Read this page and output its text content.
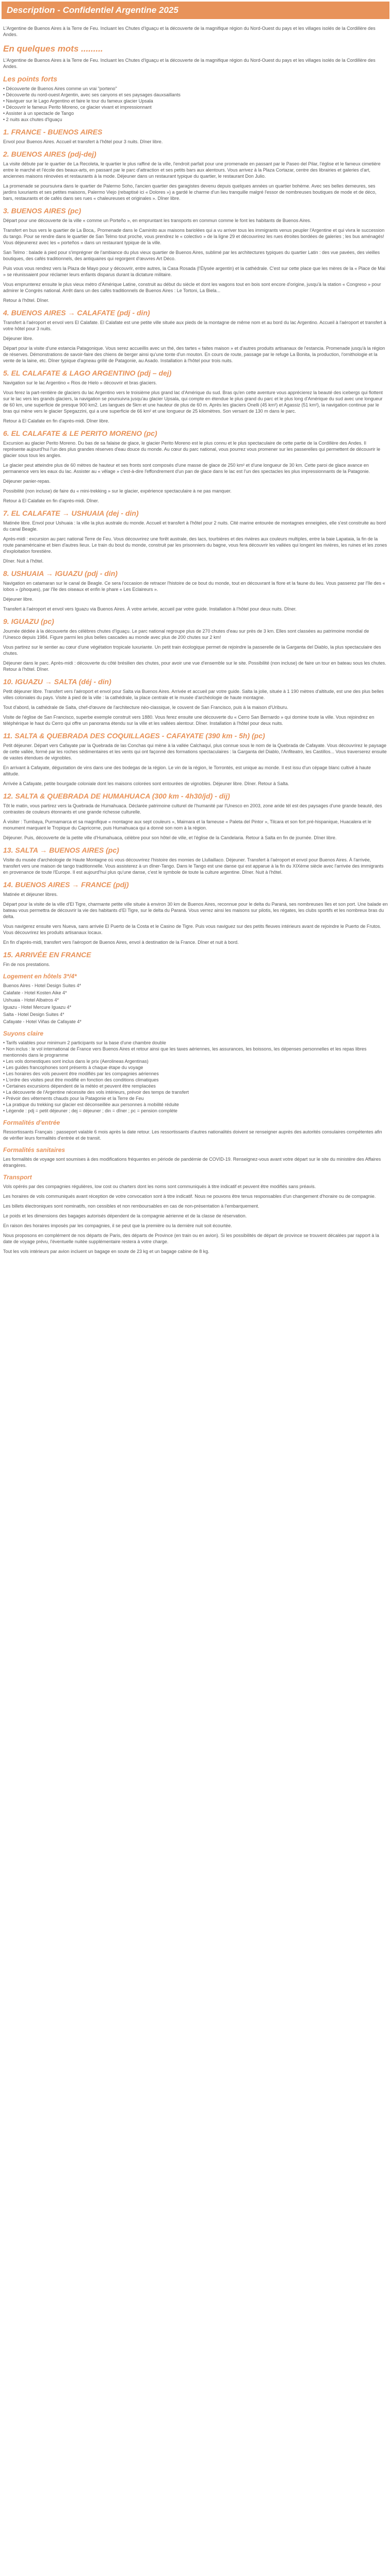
Description - Confidentiel Argentine 2025
L'Argentine de Buenos Aires à la Terre de Feu. Incluant les Chutes d'Iguaçu et la découverte de la magnifique région du Nord-Ouest du pays et les villages isolés de la Cordillère des Andes.
En quelques mots .........
L'Argentine de Buenos Aires à la Terre de Feu. Incluant les Chutes d'Iguaçu et la découverte de la magnifique région du Nord-Ouest du pays et les villages isolés de la Cordillère des Andes.
Les points forts
• Découverte de Buenos Aires comme un vrai "porteno"
• Découverte du nord-ouest Argentin, avec ses canyons et ses paysages dauxsaillants
• Naviguer sur le Lago Argentino et faire le tour du fameux glacier Upsala
• Découvrir le fameux Perito Moreno, ce glacier vivant et impressionnant
• Assister à un spectacle de Tango
• 2 nuits aux chutes d'Iguaçu
1. FRANCE - BUENOS AIRES
Envol pour Buenos Aires. Accueil et transfert à l'hôtel pour 3 nuits. Dîner libre.
2. BUENOS AIRES (pdj-dej)
La visite débute par le quartier de La Recoleta, le quartier le plus raffiné de la ville, l'endroit parfait pour une promenade en passant par le Paseo del Pilar, l'église et le fameux cimetière entre le marché et l'école des beaux-arts, en passant par le parc d'attraction et ses petits bars aux alentours. Vous arrivez à la Plaza Cortazar, centre des librairies et galeries d'art, anciennes maisons rénovées et restaurants à la mode. Déjeuner dans un restaurant typique du quartier, le restaurant Don Julio.
La promenade se poursuivra dans le quartier de Palermo Soho, l'ancien quartier des garagistes devenu depuis quelques années un quartier bohème. Avec ses belles demeures, ses jardins luxuriants et ses petites maisons, Palermo Viejo (rebaptisé ici « Dolores ») a gardé le charme d'un lieu tranquille malgré l'essor de nombreuses boutiques de mode et de déco, bars, restaurants et de cafés dans ses rues « chaleureuses et originales ». Dîner libre.
3. BUENOS AIRES (pc)
Départ pour une découverte de la ville « comme un Porteño », en empruntant les transports en commun comme le font les habitants de Buenos Aires.
Transfert en bus vers le quartier de La Boca,. Promenade dans le Caminito aux maisons bariolées qui a vu arriver tous les immigrants venus peupler l'Argentine et qui vivra le succession du tango. Pour se rendre dans le quartier de San Telmo tout proche, vous prendrez le « colectivo » de la ligne 29 et découvrirez les rues étroites bordées de galeries ; les bus aménagés! Vous déjeunerez avec les « porteños » dans un restaurant typique de la ville.
San Telmo : balade à pied pour s'imprégner de l'ambiance du plus vieux quartier de Buenos Aires, sublimé par les architectures typiques du quartier Latin : des vue pavées, des vieilles boutiques, des cafés traditionnels, des antiquaires qui regorgent d'œuvres Art Déco.
Puis vous vous rendrez vers la Plaza de Mayo pour y découvrir, entre autres, la Casa Rosada (l'Élysée argentin) et la cathédrale. C'est sur cette place que les mères de la « Place de Mai » se réunissaient pour réclamer leurs enfants disparus durant la dictature militaire.
Vous emprunterez ensuite le plus vieux métro d'Amérique Latine, construit au début du siècle et dont les wagons tout en bois sont encore d'origine, jusqu'à la station « Congreso » pour admirer le Congrès national. Arrêt dans un des cafés traditionnels de Buenos Aires : Le Tortoni, La Biela...
Retour à l'hôtel. Dîner.
4. BUENOS AIRES → CALAFATE (pdj - din)
Transfert à l'aéroport et envol vers El Calafate. El Calafate est une petite ville située aux pieds de la montagne de même nom et au bord du lac Argentino. Accueil à l'aéroport et transfert à votre hôtel pour 3 nuits.
Déjeuner libre.
Départ pour la visite d'une estancia Patagonique. Vous serez accueillis avec un thé, des tartes « faites maison » et d'autres produits artisanaux de l'estancia. Promenade jusqu'à la région de réserves. Démonstrations de savoir-faire des chiens de berger ainsi qu'une tonte d'un mouton. En cours de route, passage par le refuge La Bonita, la production, l'ornithologie et la vente de la laine, etc. Dîner typique d'agneau grillé de Patagonie, au Asado. Installation à l'hôtel pour trois nuits.
5. EL CALAFATE & LAGO ARGENTINO (pdj – dej)
Navigation sur le lac Argentino « Rios de Hielo » découvrir et bras glaciers.
Vous ferez la part-rentière de glaciers du lac Argentino vers le troisième plus grand lac d'Amérique du sud. Bras qu'en cette aventure vous apprécierez la beauté des icebergs qui flottent sur le lac vers les grands glaciers, la navigation se poursuivra jusqu'au glacier Upsala, qui compte en étendue le plus grand du parc et le plus long d'Amérique du sud avec une longueur de 60 km, une superficie de presque 900 km2. Les langues de 5km et une hauteur de plus de 60 m. Après les glaciers Onelli (45 km²) et Agassiz (51 km²), la navigation continue par le bras qui mène vers le glacier Spegazzini, qui a une superficie de 66 km² et une longueur de 25 kilomètres. Son versant de 130 m dans le parc.
Retour à El Calafate en fin d'après-midi. Dîner libre.
6. EL CALAFATE & LE PERITO MORENO (pc)
Excursion au glacier Perito Moreno. Du bas de sa falaise de glace, le glacier Perito Moreno est le plus connu et le plus spectaculaire de cette partie de la Cordillère des Andes. Il représente aujourd'hui l'un des plus grandes réserves d'eau douce du monde. Au cœur du parc national, vous pourrez vous promener sur les passerelles qui permettent de découvrir le glacier sous tous les angles.
Le glacier peut atteindre plus de 60 mètres de hauteur et ses fronts sont composés d'une masse de glace de 250 km² et d'une longueur de 30 km. Cette paroi de glace avance en permanence vers les eaux du lac. Assister au « vêlage » c'est-à-dire l'effondrement d'un pan de glace dans le lac est l'un des spectacles les plus impressionnants de la Patagonie.
Déjeuner panier-repas.
Possibilité (non incluse) de faire du « mini-trekking » sur le glacier, expérience spectaculaire à ne pas manquer.
Retour à El Calafate en fin d'après-midi. Dîner.
7. EL CALAFATE → USHUAIA (dej - din)
Matinée libre. Envol pour Ushuaia : la ville la plus australe du monde. Accueil et transfert à l'hôtel pour 2 nuits. Cité marine entourée de montagnes enneigées, elle s'est construite au bord du canal Beagle.
Après-midi : excursion au parc national Terre de Feu. Vous découvrirez une forêt australe, des lacs, tourbières et des rivières aux couleurs multiples, entre la baie Lapataia, la fin de la route panaméricaine et bien d'autres lieux. Le train du bout du monde, construit par les prisonniers du bagne, vous fera découvrir les vallées qui longent les rivières, les ruines et les zones d'exploitation forestière.
Dîner. Nuit à l'hôtel.
8. USHUAIA → IGUAZU (pdj - din)
Navigation en catamaran sur le canal de Beagle. Ce sera l'occasion de retracer l'histoire de ce bout du monde, tout en découvrant la flore et la faune du lieu. Vous passerez par l'île des « lobos » (phoques), par l'île des oiseaux et enfin le phare « Les Eclaireurs ».
Déjeuner libre.
Transfert à l'aéroport et envol vers Iguazu via Buenos Aires. À votre arrivée, accueil par votre guide. Installation à l'hôtel pour deux nuits. Dîner.
9. IGUAZU (pc)
Journée dédiée à la découverte des célèbres chutes d'Iguaçu. Le parc national regroupe plus de 270 chutes d'eau sur près de 3 km. Elles sont classées au patrimoine mondial de l'Unesco depuis 1984. Figure parmi les plus belles cascades au monde avec plus de 200 chutes sur 2 km!
Vous partirez sur le sentier au cœur d'une végétation tropicale luxuriante. Un petit train écologique permet de rejoindre la passerelle de la Garganta del Diablo, la plus spectaculaire des chutes.
Déjeuner dans le parc. Après-midi : découverte du côté brésilien des chutes, pour avoir une vue d'ensemble sur le site. Possibilité (non incluse) de faire un tour en bateau sous les chutes. Retour à l'hôtel. Dîner.
10. IGUAZU → SALTA (déj - din)
Petit déjeuner libre. Transfert vers l'aéroport et envol pour Salta via Buenos Aires. Arrivée et accueil par votre guide. Salta la jolie, située à 1 190 mètres d'altitude, est une des plus belles villes coloniales du pays. Visite à pied de la ville : la cathédrale, la place centrale et le musée d'archéologie de haute montagne.
Tout d'abord, la cathédrale de Salta, chef-d'œuvre de l'architecture néo-classique, le couvent de San Francisco, puis à la maison d'Uriburu.
Visite de l'église de San Francisco, superbe exemple construit vers 1880. Vous ferez ensuite une découverte du « Cerro San Bernardo » qui domine toute la ville. Vous rejoindrez en téléphérique le haut du Cerro qui offre un panorama étendu sur la ville et les vallées alentour. Dîner. Installation à l'hôtel pour deux nuits.
11. SALTA & QUEBRADA DES COQUILLAGES - CAFAYATE (390 km - 5h) (pc)
Petit déjeuner. Départ vers Cafayate par la Quebrada de las Conchas qui mène à la vallée Calchaquí, plus connue sous le nom de la Quebrada de Cafayate. Vous découvrirez le paysage de cette vallée, formé par les roches sédimentaires et les vents qui ont façonné des formations spectaculaires : la Garganta del Diablo, l'Anfiteatro, les Castillos... Vous traverserez ensuite de vastes étendues de vignobles.
En arrivant à Cafayate, dégustation de vins dans une des bodegas de la région. Le vin de la région, le Torrontés, est unique au monde. Il est issu d'un cépage blanc cultivé à haute altitude.
Arrivée à Cafayate, petite bourgade coloniale dont les maisons colorées sont entourées de vignobles. Déjeuner libre. Dîner. Retour à Salta.
12. SALTA & QUEBRADA DE HUMAHUACA (300 km - 4h30/jd) - dij)
Tôt le matin, vous partirez vers la Quebrada de Humahuaca. Déclarée patrimoine culturel de l'humanité par l'Unesco en 2003, zone aride tél est des paysages d'une grande beauté, des contrastes de couleurs étonnants et une grande richesse culturelle.
À visiter : Tumbaya, Purmamarca et sa magnifique « montagne aux sept couleurs », Maimara et la fameuse « Paleta del Pintor », Tilcara et son fort pré-hispanique, Huacalera et le monument marquant le Tropique du Capricorne, puis Humahuaca qui a donné son nom à la région.
Déjeuner. Puis, découverte de la petite ville d'Humahuaca, célèbre pour son hôtel de ville, et l'église de la Candelaria. Retour à Salta en fin de journée. Dîner libre.
13. SALTA → BUENOS AIRES (pc)
Visite du musée d'archéologie de Haute Montagne où vous découvrirez l'histoire des momies de Llullaillaco. Déjeuner. Transfert à l'aéroport et envol pour Buenos Aires. À l'arrivée, transfert vers une maison de tango traditionnelle. Vous assisterez à un dîner-Tango. Dans le Tango est une danse qui est apparue à la fin du XIXème siècle avec l'arrivée des immigrants en provenance de toute l'Europe. Il est aujourd'hui plus qu'une danse, c'est le symbole de toute la culture argentine. Dîner. Nuit à l'hôtel.
14. BUENOS AIRES → FRANCE (pdj)
Matinée et déjeuner libres.
Départ pour la visite de la ville d'El Tigre, charmante petite ville située à environ 30 km de Buenos Aires, reconnue pour le delta du Paraná, ses nombreuses îles et son port. Une balade en bateau vous permettra de découvrir la vie des habitants d'El Tigre, sur le delta du Paraná. Vous verrez ainsi les maisons sur pilotis, les régates, les clubs sportifs et les nombreux bras du delta.
Vous navigerez ensuite vers Nueva, sans arrivée El Puerto de la Costa et le Casino de Tigre. Puis vous naviguez sur des petits fleuves intérieurs avant de rejoindre le Puerto de Frutos. Vous découvrirez les produits artisanaux locaux.
En fin d'après-midi, transfert vers l'aéroport de Buenos Aires, envol à destination de la France. Dîner et nuit à bord.
15. ARRIVÉE EN FRANCE
Fin de nos prestations.
Logement en hôtels 3*/4*
Buenos Aires - Hotel Design Suites 4*
Calafate - Hotel Kosten Aike 4*
Ushuaia - Hotel Albatros 4*
Iguazu - Hotel Mercure Iguazu 4*
Salta - Hotel Design Suites 4*
Cafayate - Hotel Viñas de Cafayate 4*
Suyons claire
• Tarifs valables pour minimum 2 participants sur la base d'une chambre double
• Non inclus : le vol international de France vers Buenos Aires et retour ainsi que les taxes aériennes, les assurances, les boissons, les dépenses personnelles et les repas libres mentionnés dans le programme
• Les vols domestiques sont inclus dans le prix (Aerolineas Argentinas)
• Les guides francophones sont présents à chaque étape du voyage
• Les horaires des vols peuvent être modifiés par les compagnies aériennes
• L'ordre des visites peut être modifié en fonction des conditions climatiques
• Certaines excursions dépendent de la météo et peuvent être remplacées
• La découverte de l'Argentine nécessite des vols intérieurs, prévoir des temps de transfert
• Prévoir des vêtements chauds pour la Patagonie et la Terre de Feu
• La pratique du trekking sur glacier est déconseillée aux personnes à mobilité réduite
• Légende : pdj = petit déjeuner ; dej = déjeuner ; din = dîner ; pc = pension complète
Formalités d'entrée
Ressortissants Français : passeport valable 6 mois après la date retour. Les ressortissants d'autres nationalités doivent se renseigner auprès des autorités consulaires compétentes afin de vérifier leurs formalités d'entrée et de transit.
Formalités sanitaires
Les formalités de voyage sont soumises à des modifications fréquentes en période de pandémie de COVID-19. Renseignez-vous avant votre départ sur le site du ministère des Affaires étrangères.
Transport
Vols opérés par des compagnies régulières, low cost ou charters dont les noms sont communiqués à titre indicatif et peuvent être modifiés sans préavis.
Les horaires de vols communiqués avant réception de votre convocation sont à titre indicatif. Nous ne pouvons être tenus responsables d'un changement d'horaire ou de compagnie.
Les billets électroniques sont nominatifs, non cessibles et non remboursables en cas de non-présentation à l'embarquement.
Le poids et les dimensions des bagages autorisés dépendent de la compagnie aérienne et de la classe de réservation.
En raison des horaires imposés par les compagnies, il se peut que la première ou la dernière nuit soit écourtée.
Nous proposons en complément de nos départs de Paris, des départs de Province (en train ou en avion). Si les possibilités de départ de province se trouvent décalées par rapport à la date de voyage prévu, l'éventuelle nuitée supplémentaire restera à votre charge.
Tout les vols intérieurs par avion incluent un bagage en soute de 23 kg et un bagage cabine de 8 kg.
